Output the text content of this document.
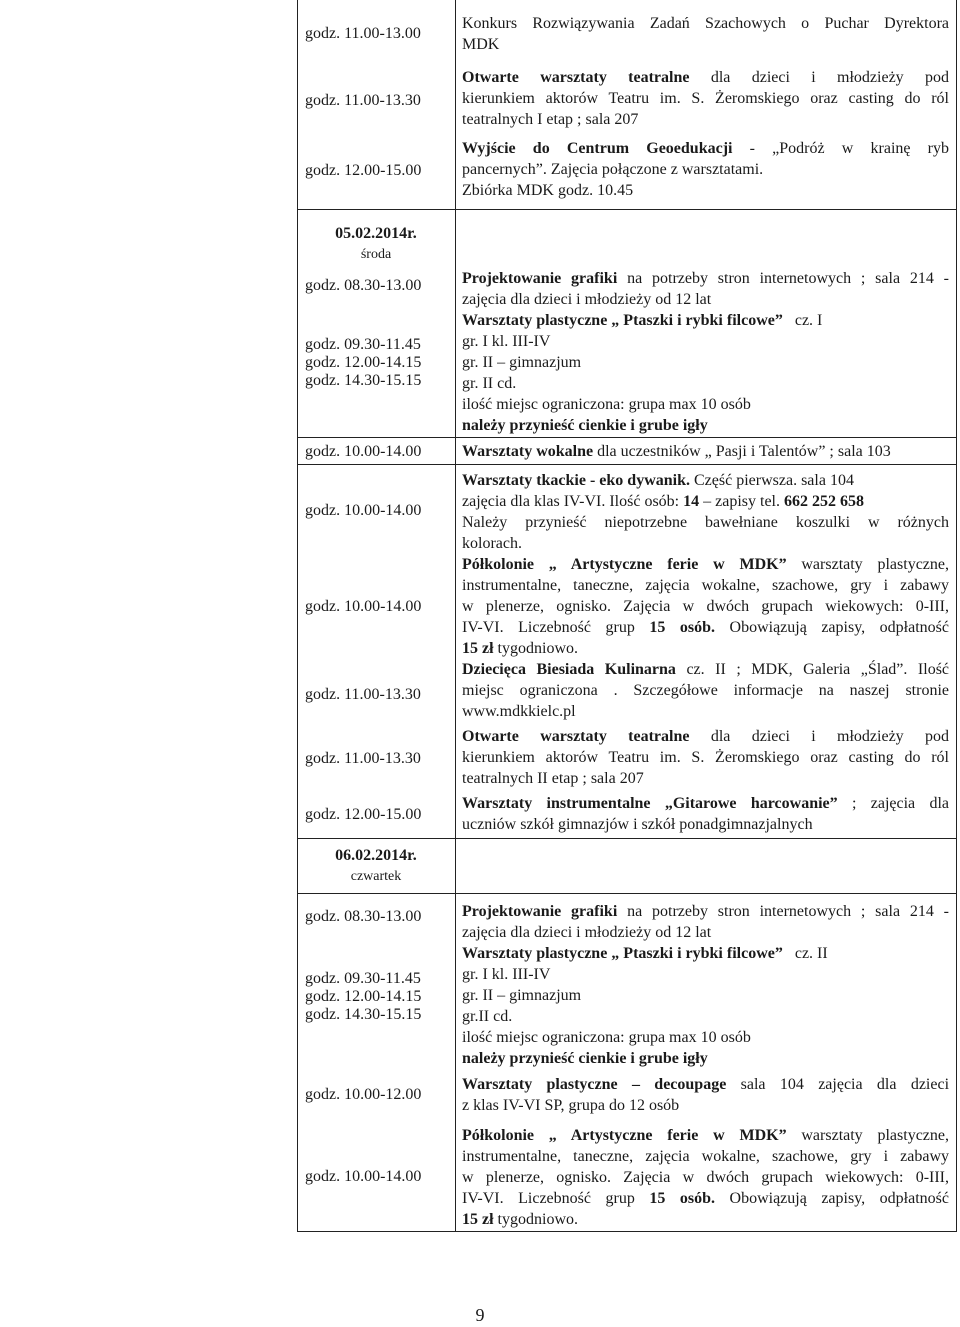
godz. 11.00-13.00
godz. 11.00-13.30
godz. 12.00-15.00

Konkurs Rozwiązywania Zadań Szachowych o Puchar Dyrektora

MDK

Otwarte warsztaty teatralne dla dzieci i młodzieży pod

kierunkiem aktorów Teatru im. S. Żeromskiego oraz casting do ról

teatralnych I etap ; sala 207

Wyjście do Centrum Geoedukacji - „Podróż w krainę ryb

pancernych”. Zajęcia połączone z warsztatami.

Zbiórka MDK godz. 10.45

05.02.2014r.
środa
godz. 08.30-13.00
godz. 09.30-11.45
godz. 12.00-14.15
godz. 14.30-15.15

Projektowanie grafiki na potrzeby stron internetowych ; sala 214 -

zajęcia dla dzieci i młodzieży od 12 lat

Warsztaty plastyczne „ Ptaszki i rybki filcowe” cz. I

gr. I kl. III-IV

gr. II – gimnazjum

gr. II cd.

ilość miejsc ograniczona: grupa max 10 osób

należy przynieść cienkie i grube igły

godz. 10.00-14.00	Warsztaty wokalne dla uczestników „ Pasji i Talentów” ; sala 103

godz. 10.00-14.00
godz. 10.00-14.00
godz. 11.00-13.30
godz. 11.00-13.30
godz. 12.00-15.00

Warsztaty tkackie - eko dywanik. Część pierwsza. sala 104

zajęcia dla klas IV-VI. Ilość osób: 14 – zapisy tel. 662 252 658

Należy przynieść niepotrzebne bawełniane koszulki w różnych

kolorach.

Półkolonie „ Artystyczne ferie w MDK” warsztaty plastyczne,

instrumentalne, taneczne, zajęcia wokalne, szachowe, gry i zabawy

w plenerze, ognisko. Zajęcia w dwóch grupach wiekowych: 0-III,

IV-VI. Liczebność grup 15 osób. Obowiązują zapisy, odpłatność

15 zł tygodniowo.

Dziecięca Biesiada Kulinarna cz. II ; MDK, Galeria „Ślad”. Ilość

miejsc ograniczona . Szczegółowe informacje na naszej stronie

www.mdkkielc.pl

Otwarte warsztaty teatralne dla dzieci i młodzieży pod

kierunkiem aktorów Teatru im. S. Żeromskiego oraz casting do ról

teatralnych II etap ; sala 207

Warsztaty instrumentalne „Gitarowe harcowanie” ; zajęcia dla

uczniów szkół gimnazjów i szkół ponadgimnazjalnych

06.02.2014r.
czwartek
godz. 08.30-13.00
godz. 09.30-11.45
godz. 12.00-14.15
godz. 14.30-15.15
godz. 10.00-12.00
godz. 10.00-14.00

Projektowanie grafiki na potrzeby stron internetowych ; sala 214 -

zajęcia dla dzieci i młodzieży od 12 lat

Warsztaty plastyczne „ Ptaszki i rybki filcowe” cz. II

gr. I kl. III-IV

gr. II – gimnazjum

gr.II cd.

ilość miejsc ograniczona: grupa max 10 osób

należy przynieść cienkie i grube igły

Warsztaty plastyczne – decoupage sala 104 zajęcia dla dzieci

z klas IV-VI SP, grupa do 12 osób

Półkolonie „ Artystyczne ferie w MDK” warsztaty plastyczne,

instrumentalne, taneczne, zajęcia wokalne, szachowe, gry i zabawy

w plenerze, ognisko. Zajęcia w dwóch grupach wiekowych: 0-III,

IV-VI. Liczebność grup 15 osób. Obowiązują zapisy, odpłatność

15 zł tygodniowo.

9
